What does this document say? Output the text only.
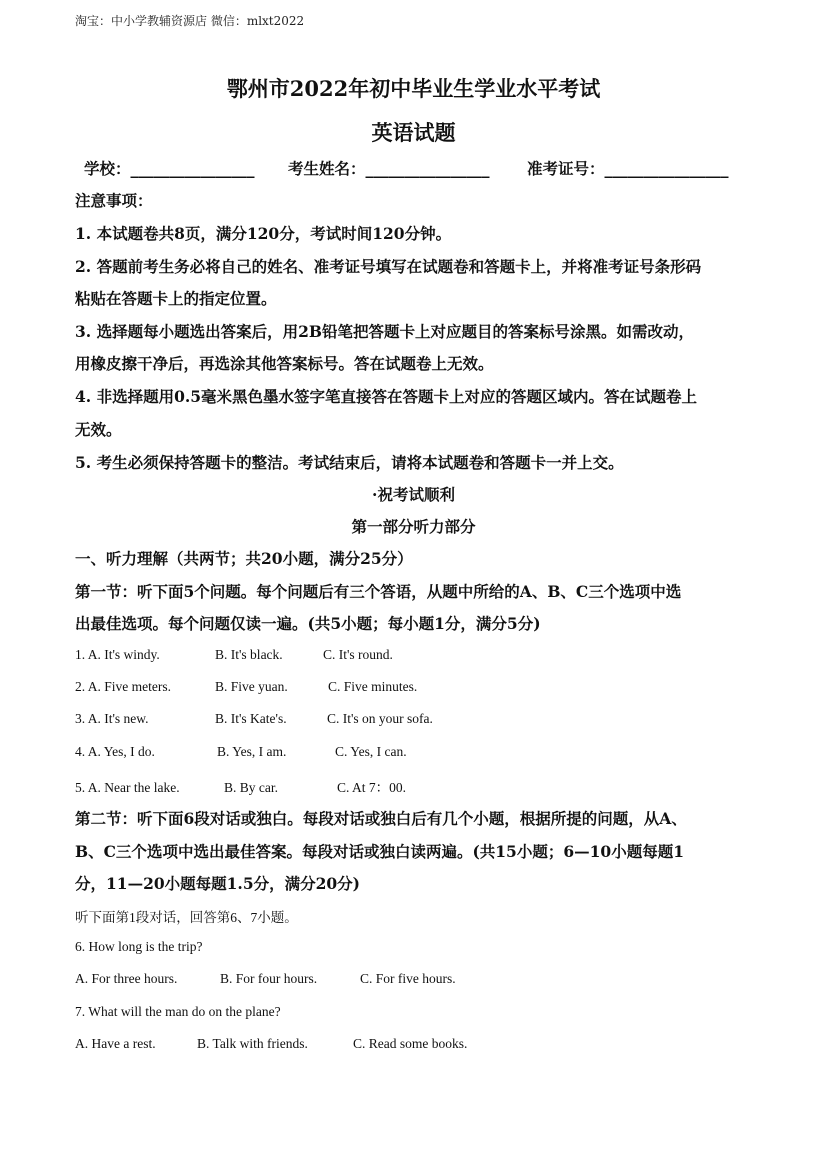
淘宝：中小学教辅资源店 微信：mlxt2022
鄂州市2022年初中毕业生学业水平考试
英语试题
学校：________________ 考生姓名：________________ 准考证号：________________
注意事项：
1. 本试题卷共8页，满分120分，考试时间120分钟。
2. 答题前考生务必将自己的姓名、准考证号填写在试题卷和答题卡上，并将准考证号条形码
粘贴在答题卡上的指定位置。
3. 选择题每小题选出答案后，用2B铅笔把答题卡上对应题目的答案标号涂黑。如需改动，
用橡皮擦干净后，再选涂其他答案标号。答在试题卷上无效。
4. 非选择题用0.5毫米黑色墨水签字笔直接答在答题卡上对应的答题区域内。答在试题卷上
无效。
5. 考生必须保持答题卡的整洁。考试结束后，请将本试题卷和答题卡一并上交。
·祝考试顺利
第一部分听力部分
一、听力理解（共两节；共20小题，满分25分）
第一节：听下面5个问题。每个问题后有三个答语，从题中所给的A、B、C三个选项中选
出最佳选项。每个问题仅读一遍。(共5小题；每小题1分，满分5分)
1. A. It's windy.	B. It's black.	C. It's round.
2. A. Five meters.	B. Five yuan.	C. Five minutes.
3. A. It's new.	B. It's Kate's.	C. It's on your sofa.
4. A. Yes, I do.	B. Yes, I am.	C. Yes, I can.
5. A. Near the lake.	B. By car.	C. At 7：00.
第二节：听下面6段对话或独白。每段对话或独白后有几个小题，根据所提的问题，从A、
B、C三个选项中选出最佳答案。每段对话或独白读两遍。(共15小题；6—10小题每题1
分，11—20小题每题1.5分，满分20分)
听下面第1段对话，回答第6、7小题。
6. How long is the trip?
A. For three hours.	B. For four hours.	C. For five hours.
7. What will the man do on the plane?
A. Have a rest.	B. Talk with friends.	C. Read some books.
